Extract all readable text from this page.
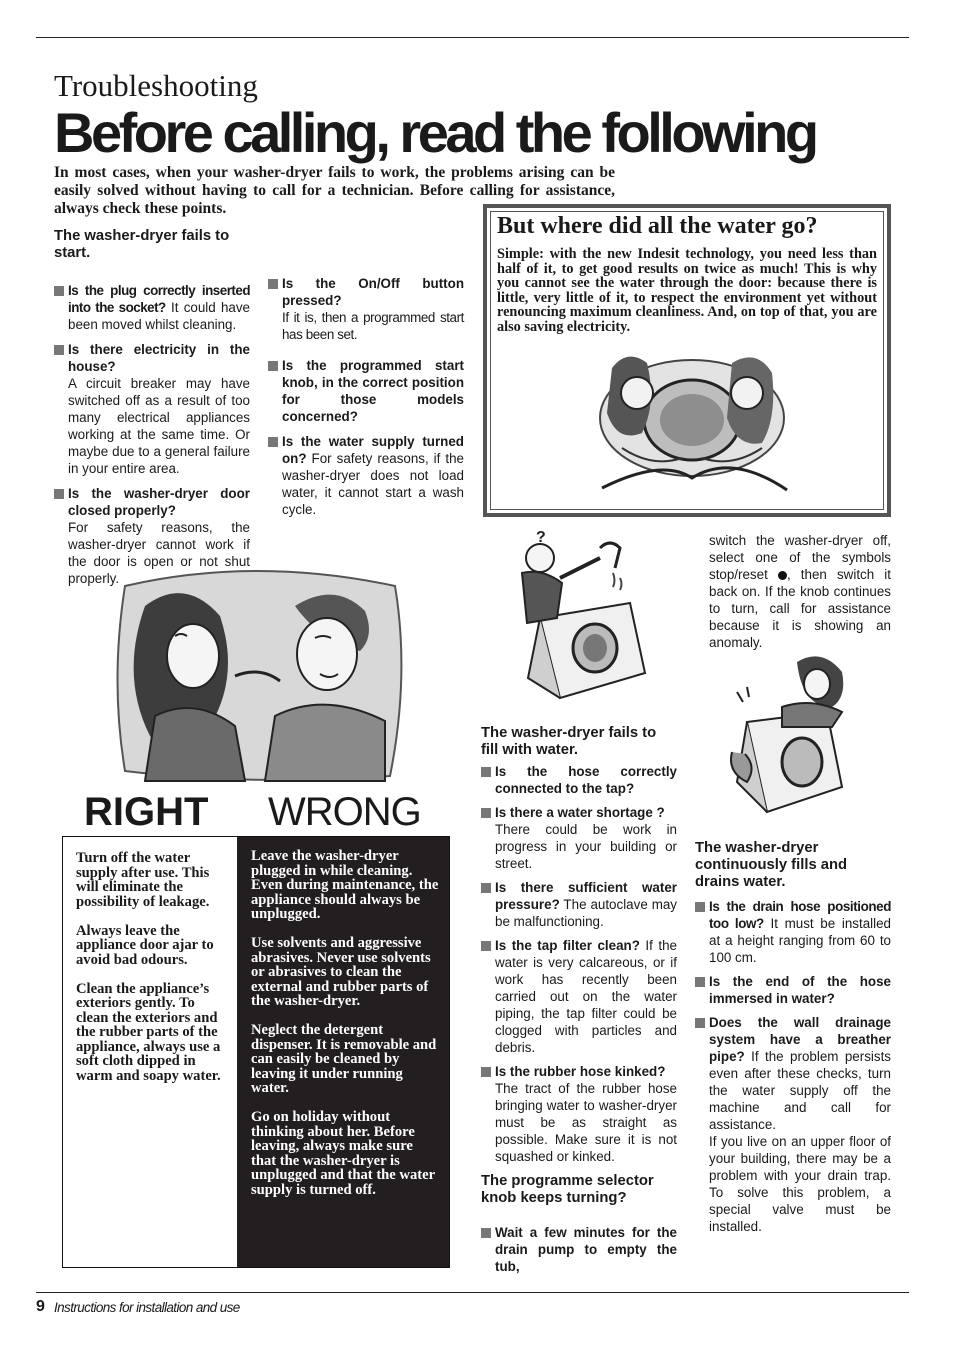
Troubleshooting
Before calling, read the following
In most cases, when your washer-dryer fails to work, the problems arising can be easily solved without having to call for a technician. Before calling for assistance, always check these points.
The washer-dryer fails to start.
Is the plug correctly inserted into the socket? It could have been moved whilst cleaning.
Is there electricity in the house?
A circuit breaker may have switched off as a result of too many electrical appliances working at the same time. Or maybe due to a general failure in your entire area.
Is the washer-dryer door closed properly?
For safety reasons, the washer-dryer cannot work if the door is open or not shut properly.
Is the On/Off button pressed?
If it is, then a programmed start has been set.
Is the programmed start knob, in the correct position for those models concerned?
Is the water supply turned on? For safety reasons, if the washer-dryer does not load water, it cannot start a wash cycle.
But where did all the water go?

Simple: with the new Indesit technology, you need less than half of it, to get good results on twice as much! This is why you cannot see the water through the door: because there is little, very little of it, to respect the environment yet without renouncing maximum cleanliness. And, on top of that, you are also saving electricity.

RIGHT WRONG

Turn off the water supply after use. This will eliminate the possibility of leakage.

Always leave the appliance door ajar to avoid bad odours.

Clean the appliance’s exteriors gently. To clean the exteriors and the rubber parts of the appliance, always use a soft cloth dipped in warm and soapy water.

Leave the washer-dryer plugged in while cleaning. Even during maintenance, the appliance should always be unplugged.

Use solvents and aggressive abrasives. Never use solvents or abrasives to clean the external and rubber parts of the washer-dryer.

Neglect the detergent dispenser. It is removable and can easily be cleaned by leaving it under running water.

Go on holiday without thinking about her. Before leaving, always make sure that the washer-dryer is unplugged and that the water supply is turned off.

?
The washer-dryer fails to fill with water.
Is the hose correctly connected to the tap?
Is there a water shortage ?
There could be work in progress in your building or street.
Is there sufficient water pressure? The autoclave may be malfunctioning.
Is the tap filter clean? If the water is very calcareous, or if work has recently been carried out on the water piping, the tap filter could be clogged with particles and debris.
Is the rubber hose kinked?
The tract of the rubber hose bringing water to washer-dryer must be as straight as possible. Make sure it is not squashed or kinked.
The programme selector knob keeps turning?
Wait a few minutes for the drain pump to empty the tub,
switch the washer-dryer off, select one of the symbols stop/reset , then switch it back on. If the knob continues to turn, call for assistance because it is showing an anomaly.
The washer-dryer continuously fills and drains water.
Is the drain hose positioned too low? It must be installed at a height ranging from 60 to 100 cm.
Is the end of the hose immersed in water?
Does the wall drainage system have a breather pipe? If the problem persists even after these checks, turn the water supply off the machine and call for assistance.
If you live on an upper floor of your building, there may be a problem with your drain trap. To solve this problem, a special valve must be installed.
9 Instructions for installation and use
